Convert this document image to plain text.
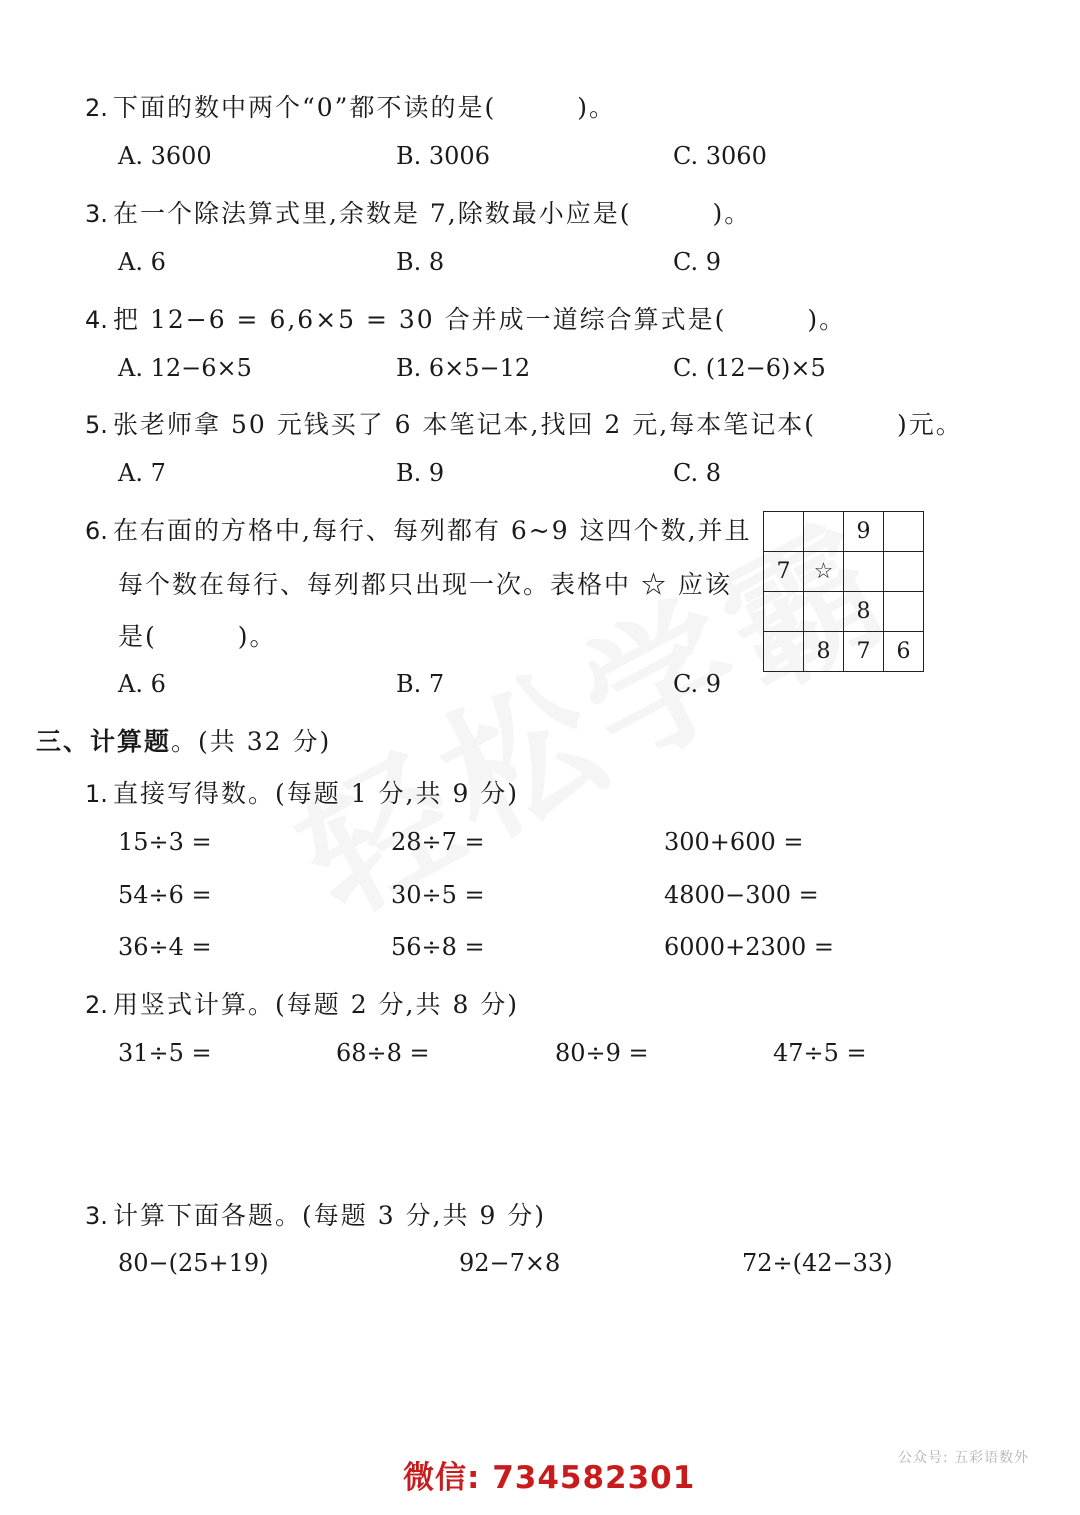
2. 下面的数中两个“0”都不读的是(　　　)。
A. 3600	B. 3006	C. 3060
3. 在一个除法算式里,余数是 7,除数最小应是(　　　)。
A. 6	B. 8	C. 9
4. 把 12−6 = 6,6×5 = 30 合并成一道综合算式是(　　　)。
A. 12−6×5	B. 6×5−12	C. (12−6)×5
5. 张老师拿 50 元钱买了 6 本笔记本,找回 2 元,每本笔记本(　　　)元。
A. 7	B. 9	C. 8
6. 在右面的方格中,每行、每列都有 6~9 这四个数,并且
每个数在每行、每列都只出现一次。表格中 ☆ 应该
是(　　　)。
A. 6	B. 7	C. 9
		9	
7	☆		
		8	
	8	7	6
三、计算题。(共 32 分)
1. 直接写得数。(每题 1 分,共 9 分)
15÷3 =	28÷7 =	300+600 =
54÷6 =	30÷5 =	4800−300 =
36÷4 =	56÷8 =	6000+2300 =
2. 用竖式计算。(每题 2 分,共 8 分)
31÷5 =	68÷8 =	80÷9 =	47÷5 =
3. 计算下面各题。(每题 3 分,共 9 分)
80−(25+19)	92−7×8	72÷(42−33)
公众号: 五彩语数外
微信: 734582301
